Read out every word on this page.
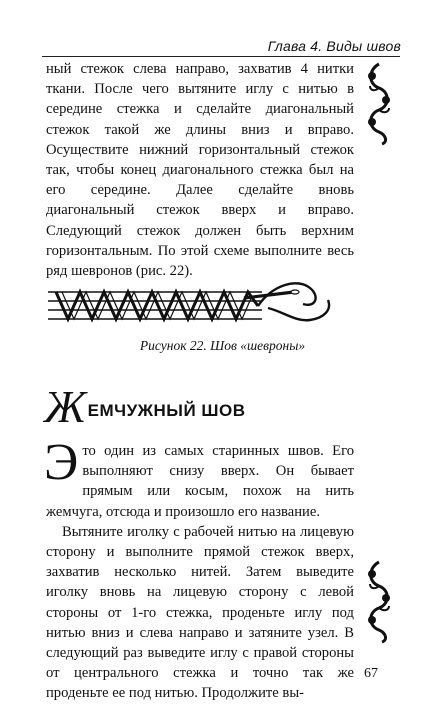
Глава 4. Виды швов

ный стежок слева направо, захватив 4 нитки ткани. После чего вытяните иглу с нитью в середине стежка и сделайте диагональный стежок такой же длины вниз и вправо. Осуществите нижний горизонтальный стежок так, чтобы конец диагонального стежка был на его середине. Далее сделайте вновь диагональный стежок вверх и вправо. Следующий стежок должен быть верхним горизонтальным. По этой схеме выполните весь ряд шевронов (рис. 22).

Рисунок 22. Шов «шевроны»
ЖЕМЧУЖНЫЙ ШОВ

Это один из самых старинных швов. Его выполняют снизу вверх. Он бывает прямым или косым, похож на нить жемчуга, отсюда и произошло его название.

Вытяните иголку с рабочей нитью на лицевую сторону и выполните прямой стежок вверх, захватив несколько нитей. Затем выведите иголку вновь на лицевую сторону с левой стороны от 1-го стежка, проденьте иглу под нитью вниз и слева направо и затяните узел. В следующий раз выведите иглу с правой стороны от центрального стежка и точно так же проденьте ее под нитью. Продолжите вы-

67
